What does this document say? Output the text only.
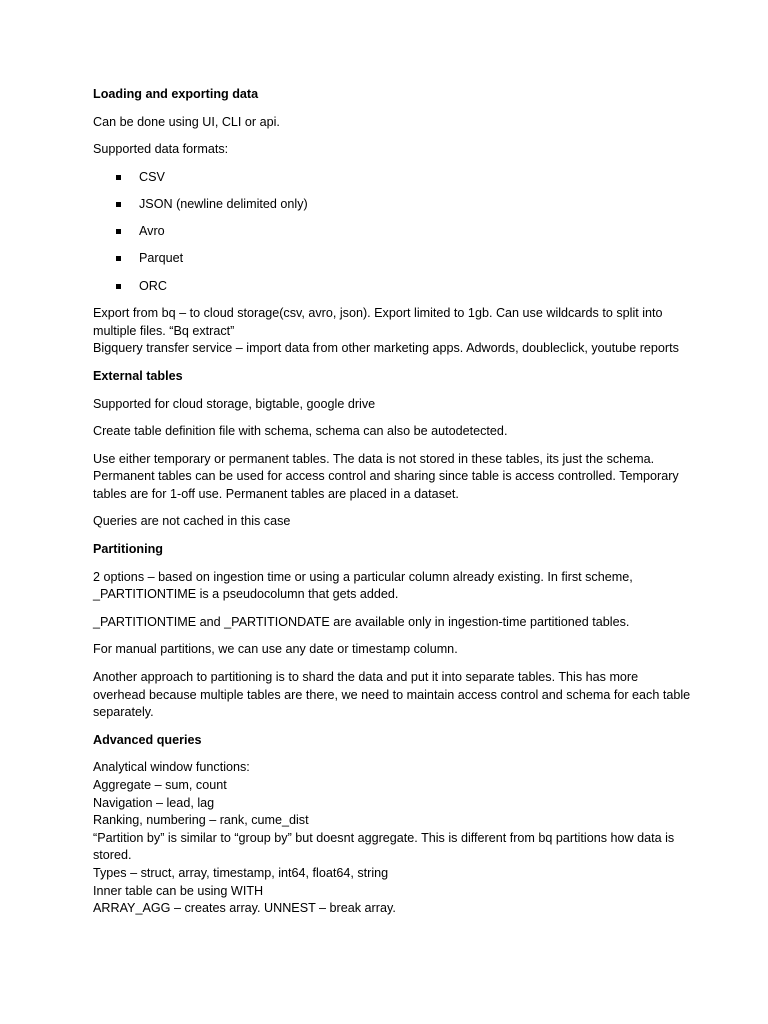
Loading and exporting data
Can be done using UI, CLI or api.
Supported data formats:
CSV
JSON (newline delimited only)
Avro
Parquet
ORC
Export from bq – to cloud storage(csv, avro, json). Export limited to 1gb. Can use wildcards to split into multiple files. “Bq extract”
Bigquery transfer service – import data from other marketing apps. Adwords, doubleclick, youtube reports
External tables
Supported for cloud storage, bigtable, google drive
Create table definition file with schema, schema can also be autodetected.
Use either temporary or permanent tables. The data is not stored in these tables, its just the schema. Permanent tables can be used for access control and sharing since table is access controlled. Temporary tables are for 1-off use. Permanent tables are placed in a dataset.
Queries are not cached in this case
Partitioning
2 options – based on ingestion time or using a particular column already existing. In first scheme, _PARTITIONTIME is a pseudocolumn that gets added.
_PARTITIONTIME and _PARTITIONDATE are available only in ingestion-time partitioned tables.
For manual partitions, we can use any date or timestamp column.
Another approach to partitioning is to shard the data and put it into separate tables. This has more overhead because multiple tables are there, we need to maintain access control and schema for each table separately.
Advanced queries
Analytical window functions:
Aggregate – sum, count
Navigation – lead, lag
Ranking, numbering – rank, cume_dist
“Partition by” is similar to “group by” but doesnt aggregate. This is different from bq partitions how data is stored.
Types – struct, array, timestamp, int64, float64, string
Inner table can be using WITH
ARRAY_AGG – creates array. UNNEST – break array.
